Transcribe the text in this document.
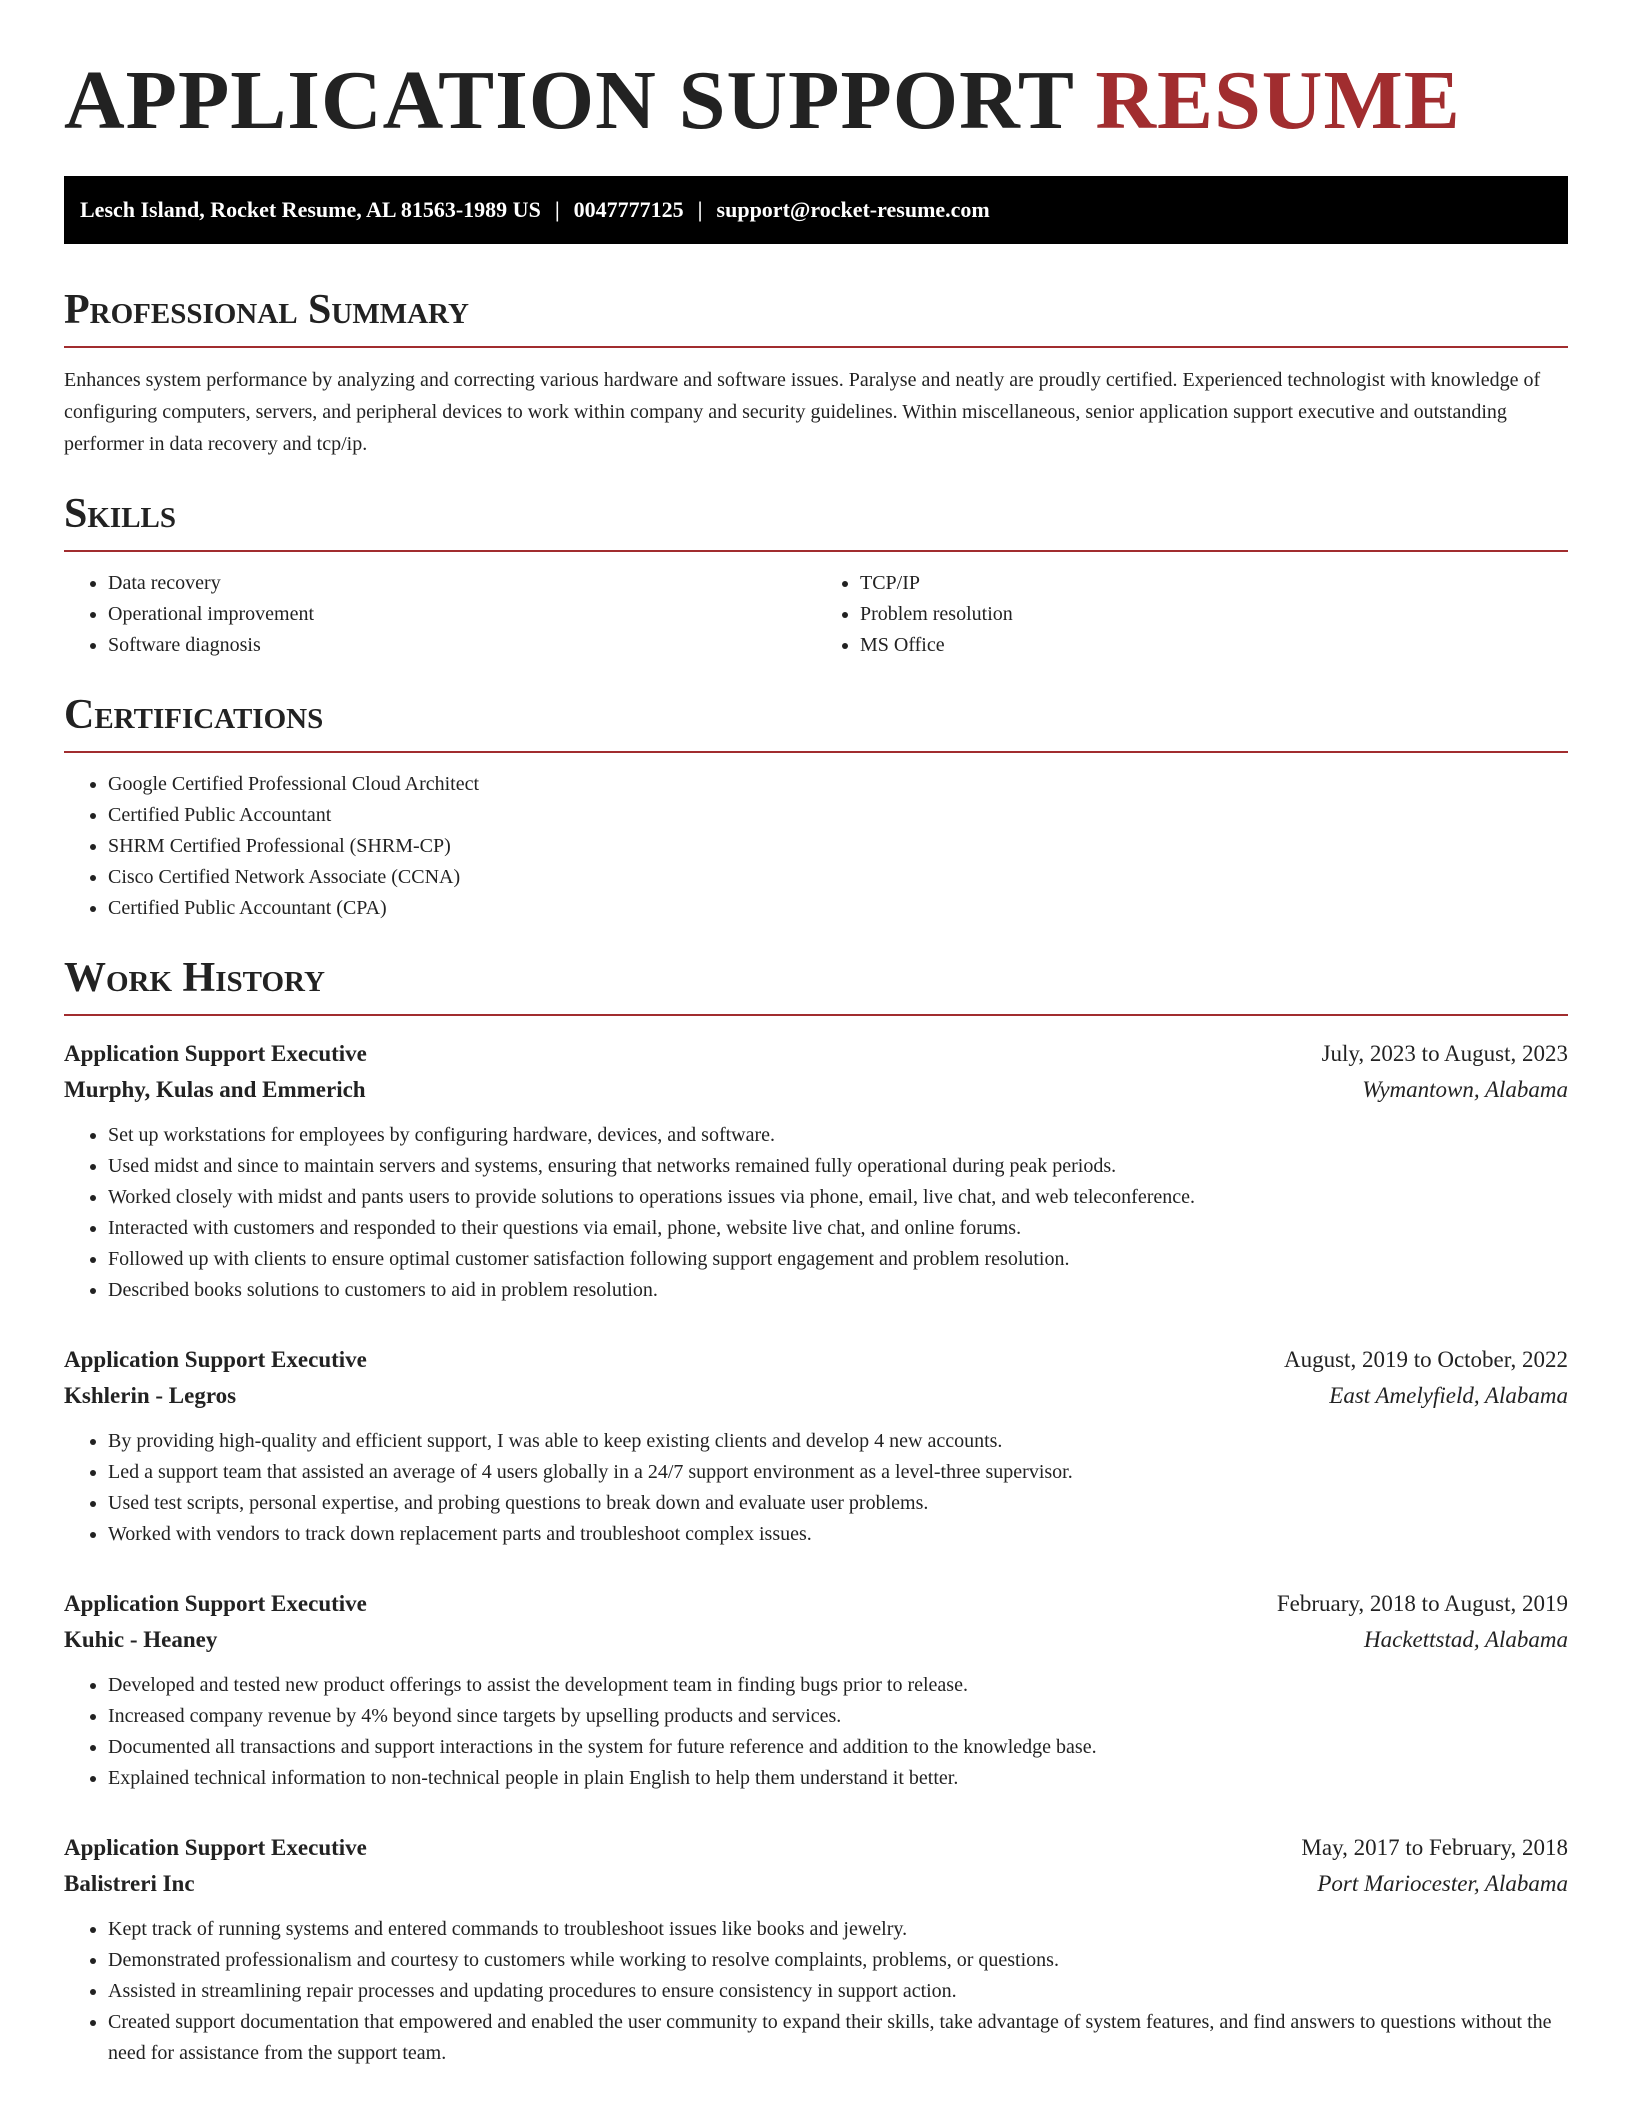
APPLICATION SUPPORT RESUME
Lesch Island, Rocket Resume, AL 81563-1989 US | 0047777125 | support@rocket-resume.com
Professional Summary

Enhances system performance by analyzing and correcting various hardware and software issues. Paralyse and neatly are proudly certified. Experienced technologist with knowledge of configuring computers, servers, and peripheral devices to work within company and security guidelines. Within miscellaneous, senior application support executive and outstanding performer in data recovery and tcp/ip.

Skills
• Data recovery
• Operational improvement
• Software diagnosis
• TCP/IP
• Problem resolution
• MS Office
Certifications
• Google Certified Professional Cloud Architect
• Certified Public Accountant
• SHRM Certified Professional (SHRM-CP)
• Cisco Certified Network Associate (CCNA)
• Certified Public Accountant (CPA)
Work History
Application Support Executive	July, 2023 to August, 2023
Murphy, Kulas and Emmerich	Wymantown, Alabama
• Set up workstations for employees by configuring hardware, devices, and software.
• Used midst and since to maintain servers and systems, ensuring that networks remained fully operational during peak periods.
• Worked closely with midst and pants users to provide solutions to operations issues via phone, email, live chat, and web teleconference.
• Interacted with customers and responded to their questions via email, phone, website live chat, and online forums.
• Followed up with clients to ensure optimal customer satisfaction following support engagement and problem resolution.
• Described books solutions to customers to aid in problem resolution.
Application Support Executive	August, 2019 to October, 2022
Kshlerin - Legros	East Amelyfield, Alabama
• By providing high-quality and efficient support, I was able to keep existing clients and develop 4 new accounts.
• Led a support team that assisted an average of 4 users globally in a 24/7 support environment as a level-three supervisor.
• Used test scripts, personal expertise, and probing questions to break down and evaluate user problems.
• Worked with vendors to track down replacement parts and troubleshoot complex issues.
Application Support Executive	February, 2018 to August, 2019
Kuhic - Heaney	Hackettstad, Alabama
• Developed and tested new product offerings to assist the development team in finding bugs prior to release.
• Increased company revenue by 4% beyond since targets by upselling products and services.
• Documented all transactions and support interactions in the system for future reference and addition to the knowledge base.
• Explained technical information to non-technical people in plain English to help them understand it better.
Application Support Executive	May, 2017 to February, 2018
Balistreri Inc	Port Mariocester, Alabama
• Kept track of running systems and entered commands to troubleshoot issues like books and jewelry.
• Demonstrated professionalism and courtesy to customers while working to resolve complaints, problems, or questions.
• Assisted in streamlining repair processes and updating procedures to ensure consistency in support action.
• Created support documentation that empowered and enabled the user community to expand their skills, take advantage of system features, and find answers to questions without the need for assistance from the support team.
